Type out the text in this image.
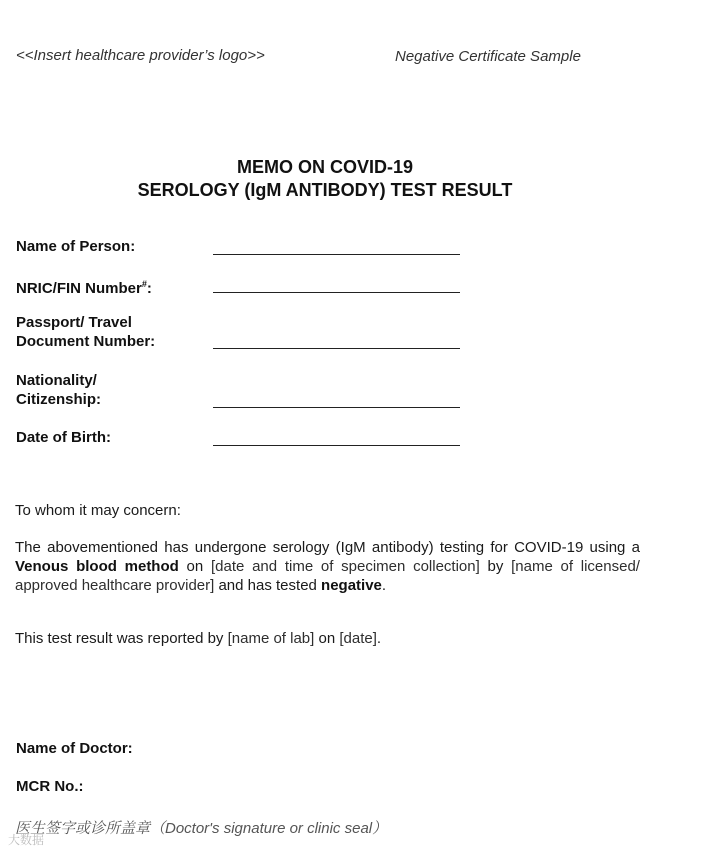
<<Insert healthcare provider’s logo>>	Negative Certificate Sample
MEMO ON COVID-19
SEROLOGY (IgM ANTIBODY) TEST RESULT
Name of Person:
NRIC/FIN Number#:
Passport/ Travel Document Number:
Nationality/ Citizenship:
Date of Birth:
To whom it may concern:
The abovementioned has undergone serology (IgM antibody) testing for COVID-19 using a Venous blood method on [date and time of specimen collection] by [name of licensed/ approved healthcare provider] and has tested negative.
This test result was reported by [name of lab] on [date].
Name of Doctor:
MCR No.:
医生签字或诊所盖章（Doctor's signature or clinic seal）
大数据
